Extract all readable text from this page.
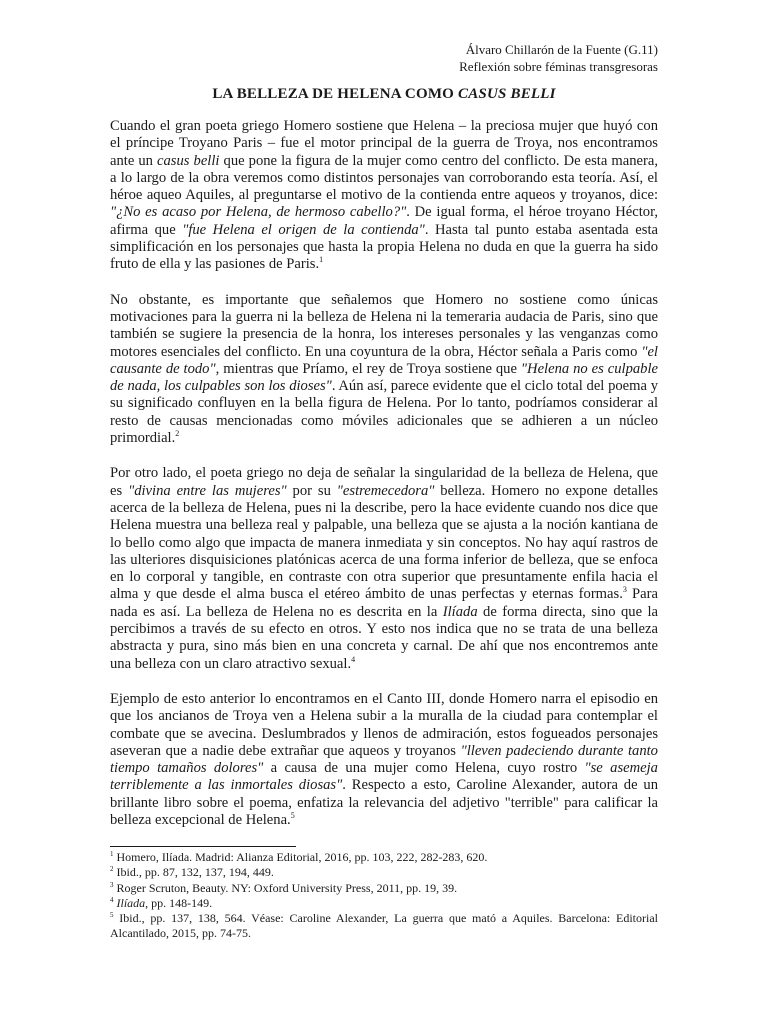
Álvaro Chillarón de la Fuente (G.11)
Reflexión sobre féminas transgresoras
LA BELLEZA DE HELENA COMO CASUS BELLI

Cuando el gran poeta griego Homero sostiene que Helena – la preciosa mujer que huyó con el príncipe Troyano Paris – fue el motor principal de la guerra de Troya, nos encontramos ante un casus belli que pone la figura de la mujer como centro del conflicto. De esta manera, a lo largo de la obra veremos como distintos personajes van corroborando esta teoría. Así, el héroe aqueo Aquiles, al preguntarse el motivo de la contienda entre aqueos y troyanos, dice: "¿No es acaso por Helena, de hermoso cabello?". De igual forma, el héroe troyano Héctor, afirma que "fue Helena el origen de la contienda". Hasta tal punto estaba asentada esta simplificación en los personajes que hasta la propia Helena no duda en que la guerra ha sido fruto de ella y las pasiones de Paris.$^1$

No obstante, es importante que señalemos que Homero no sostiene como únicas motivaciones para la guerra ni la belleza de Helena ni la temeraria audacia de Paris, sino que también se sugiere la presencia de la honra, los intereses personales y las venganzas como motores esenciales del conflicto. En una coyuntura de la obra, Héctor señala a Paris como "el causante de todo", mientras que Príamo, el rey de Troya sostiene que "Helena no es culpable de nada, los culpables son los dioses". Aún así, parece evidente que el ciclo total del poema y su significado confluyen en la bella figura de Helena. Por lo tanto, podríamos considerar al resto de causas mencionadas como móviles adicionales que se adhieren a un núcleo primordial.$^2$

Por otro lado, el poeta griego no deja de señalar la singularidad de la belleza de Helena, que es "divina entre las mujeres" por su "estremecedora" belleza. Homero no expone detalles acerca de la belleza de Helena, pues ni la describe, pero la hace evidente cuando nos dice que Helena muestra una belleza real y palpable, una belleza que se ajusta a la noción kantiana de lo bello como algo que impacta de manera inmediata y sin conceptos. No hay aquí rastros de las ulteriores disquisiciones platónicas acerca de una forma inferior de belleza, que se enfoca en lo corporal y tangible, en contraste con otra superior que presuntamente enfila hacia el alma y que desde el alma busca el etéreo ámbito de unas perfectas y eternas formas.$^3$ Para nada es así. La belleza de Helena no es descrita en la Ilíada de forma directa, sino que la percibimos a través de su efecto en otros. Y esto nos indica que no se trata de una belleza abstracta y pura, sino más bien en una concreta y carnal. De ahí que nos encontremos ante una belleza con un claro atractivo sexual.$^4$

Ejemplo de esto anterior lo encontramos en el Canto III, donde Homero narra el episodio en que los ancianos de Troya ven a Helena subir a la muralla de la ciudad para contemplar el combate que se avecina. Deslumbrados y llenos de admiración, estos fogueados personajes aseveran que a nadie debe extrañar que aqueos y troyanos "lleven padeciendo durante tanto tiempo tamaños dolores" a causa de una mujer como Helena, cuyo rostro "se asemeja terriblemente a las inmortales diosas". Respecto a esto, Caroline Alexander, autora de un brillante libro sobre el poema, enfatiza la relevancia del adjetivo "terrible" para calificar la belleza excepcional de Helena.$^5$

$^1$ Homero, Ilíada. Madrid: Alianza Editorial, 2016, pp. 103, 222, 282-283, 620.
$^2$ Ibid., pp. 87, 132, 137, 194, 449.
$^3$ Roger Scruton, Beauty. NY: Oxford University Press, 2011, pp. 19, 39.
$^4$ Ilíada, pp. 148-149.
$^5$ Ibid., pp. 137, 138, 564. Véase: Caroline Alexander, La guerra que mató a Aquiles. Barcelona: Editorial Alcantilado, 2015, pp. 74-75.
